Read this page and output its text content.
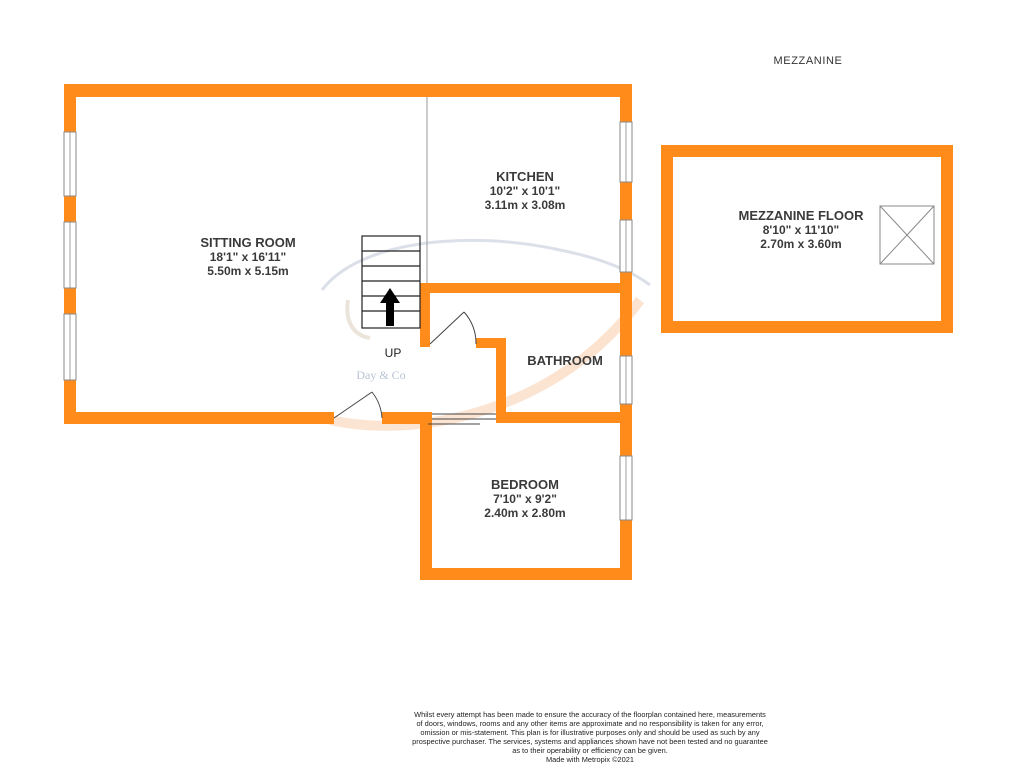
MEZZANINE
SITTING ROOM
18'1" x 16'11"
5.50m x 5.15m
KITCHEN
10'2" x 10'1"
3.11m x 3.08m
BATHROOM
BEDROOM
7'10" x 9'2"
2.40m x 2.80m
MEZZANINE FLOOR
8'10" x 11'10"
2.70m x 3.60m
UP
Day & Co
Whilst every attempt has been made to ensure the accuracy of the floorplan contained here, measurements
of doors, windows, rooms and any other items are approximate and no responsibility is taken for any error,
omission or mis-statement. This plan is for illustrative purposes only and should be used as such by any
prospective purchaser. The services, systems and appliances shown have not been tested and no guarantee
as to their operability or efficiency can be given.
Made with Metropix ©2021
